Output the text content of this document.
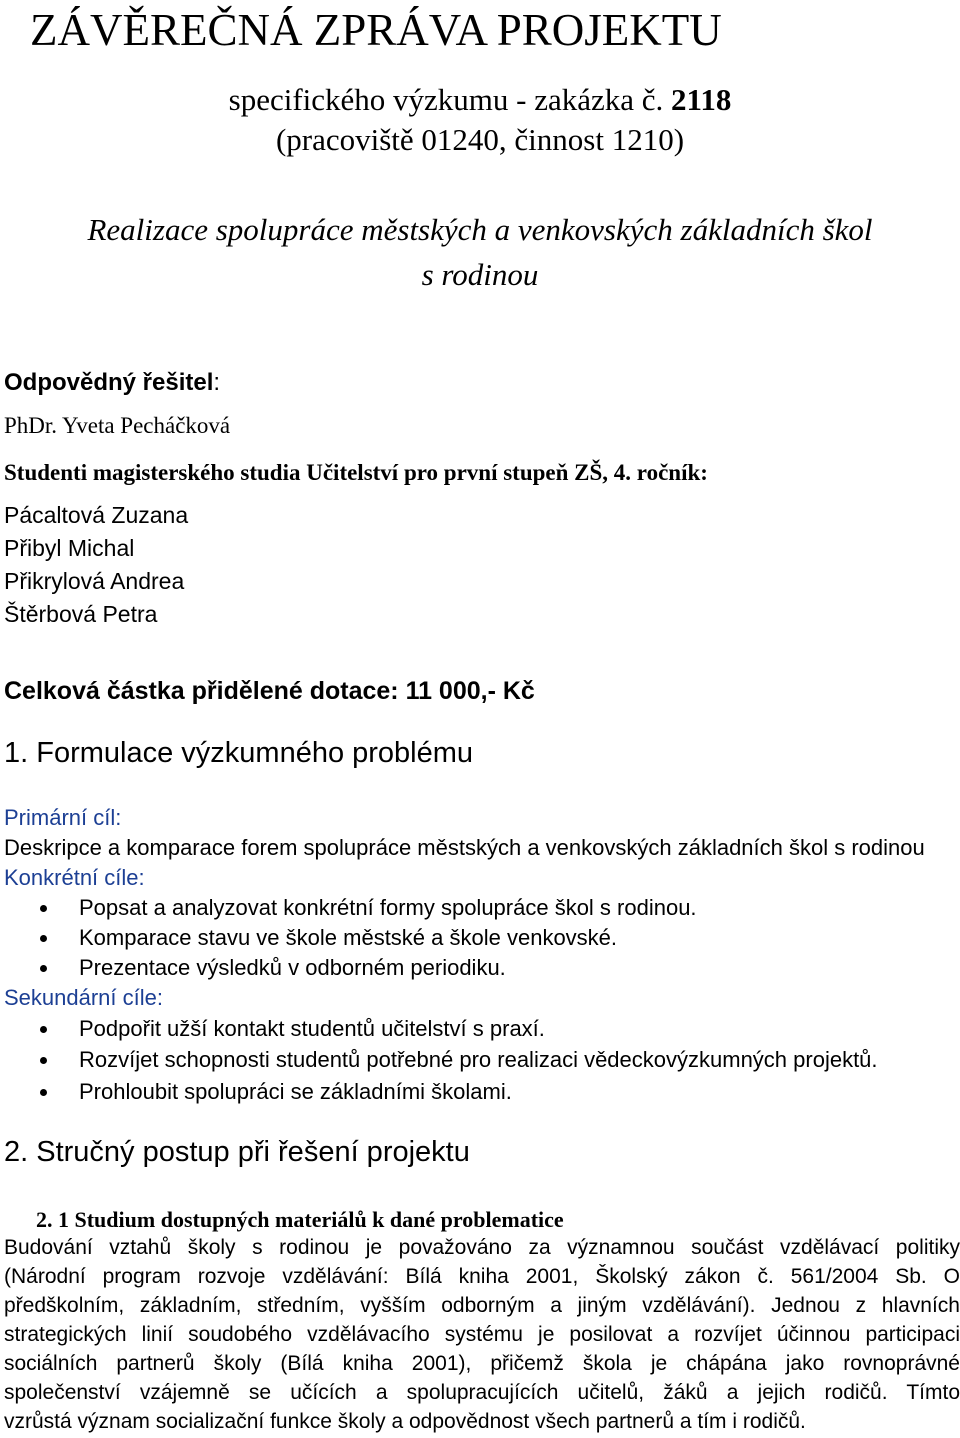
ZÁVĚREČNÁ ZPRÁVA PROJEKTU
specifického výzkumu - zakázka č. 2118
(pracoviště 01240, činnost 1210)
Realizace spolupráce městských a venkovských základních škol
s rodinou
Odpovědný řešitel:
PhDr. Yveta Pecháčková
Studenti magisterského studia Učitelství pro první stupeň ZŠ, 4. ročník:
Pácaltová Zuzana
Přibyl Michal
Přikrylová Andrea
Štěrbová Petra
Celková částka přidělené dotace: 11 000,- Kč
1. Formulace výzkumného problému
Primární cíl:
Deskripce a komparace forem spolupráce městských a venkovských základních škol s rodinou
Konkrétní cíle:
Popsat a analyzovat konkrétní formy spolupráce škol s rodinou.
Komparace stavu ve škole městské a škole venkovské.
Prezentace výsledků v odborném periodiku.
Sekundární cíle:
Podpořit užší kontakt studentů učitelství s praxí.
Rozvíjet schopnosti studentů potřebné pro realizaci vědeckovýzkumných projektů.
Prohloubit spolupráci se základními školami.
2. Stručný postup při řešení projektu
2. 1 Studium dostupných materiálů k dané problematice
Budování vztahů školy s rodinou je považováno za významnou součást vzdělávací politiky
(Národní program rozvoje vzdělávání: Bílá kniha 2001, Školský zákon č. 561/2004 Sb. O
předškolním, základním, středním, vyšším odborným a jiným vzdělávání). Jednou z hlavních
strategických linií soudobého vzdělávacího systému je posilovat a rozvíjet účinnou participaci
sociálních partnerů školy (Bílá kniha 2001), přičemž škola je chápána jako rovnoprávné
společenství vzájemně se učících a spolupracujících učitelů, žáků a jejich rodičů. Tímto
vzrůstá význam socializační funkce školy a odpovědnost všech partnerů a tím i rodičů.
